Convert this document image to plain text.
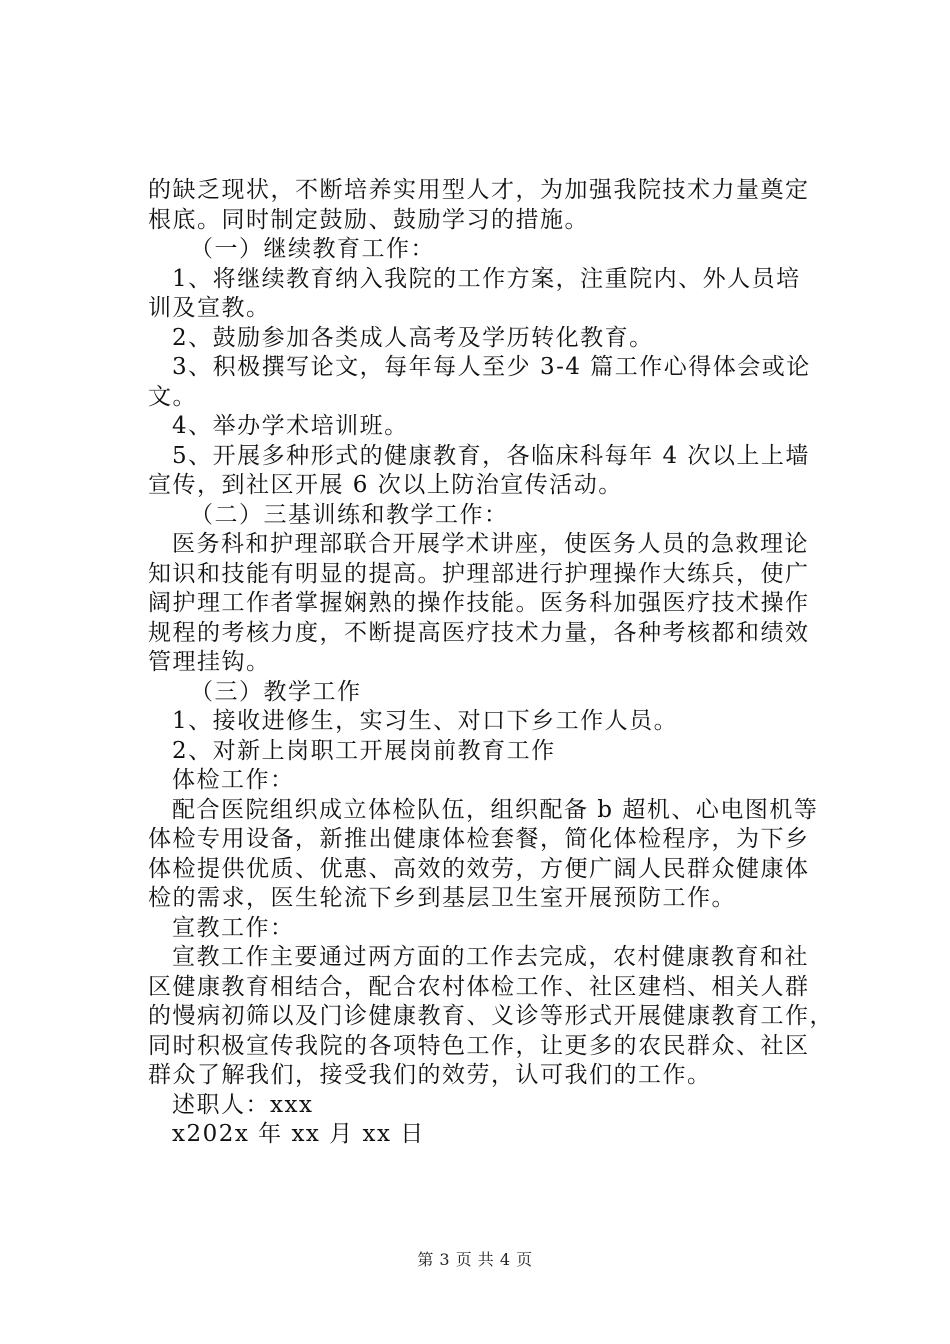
的缺乏现状，不断培养实用型人才，为加强我院技术力量奠定
根底。同时制定鼓励、鼓励学习的措施。
（一）继续教育工作：
1、将继续教育纳入我院的工作方案，注重院内、外人员培
训及宣教。
2、鼓励参加各类成人高考及学历转化教育。
3、积极撰写论文，每年每人至少 3-4 篇工作心得体会或论
文。
4、举办学术培训班。
5、开展多种形式的健康教育，各临床科每年 4 次以上上墙
宣传，到社区开展 6 次以上防治宣传活动。
（二）三基训练和教学工作：
医务科和护理部联合开展学术讲座，使医务人员的急救理论
知识和技能有明显的提高。护理部进行护理操作大练兵，使广
阔护理工作者掌握娴熟的操作技能。医务科加强医疗技术操作
规程的考核力度，不断提高医疗技术力量，各种考核都和绩效
管理挂钩。
（三）教学工作
1、接收进修生，实习生、对口下乡工作人员。
2、对新上岗职工开展岗前教育工作
体检工作：
配合医院组织成立体检队伍，组织配备 b 超机、心电图机等
体检专用设备，新推出健康体检套餐，简化体检程序，为下乡
体检提供优质、优惠、高效的效劳，方便广阔人民群众健康体
检的需求，医生轮流下乡到基层卫生室开展预防工作。
宣教工作：
宣教工作主要通过两方面的工作去完成，农村健康教育和社
区健康教育相结合，配合农村体检工作、社区建档、相关人群
的慢病初筛以及门诊健康教育、义诊等形式开展健康教育工作，
同时积极宣传我院的各项特色工作，让更多的农民群众、社区
群众了解我们，接受我们的效劳，认可我们的工作。
述职人：xxx
x202x 年 xx 月 xx 日
第 3 页 共 4 页
